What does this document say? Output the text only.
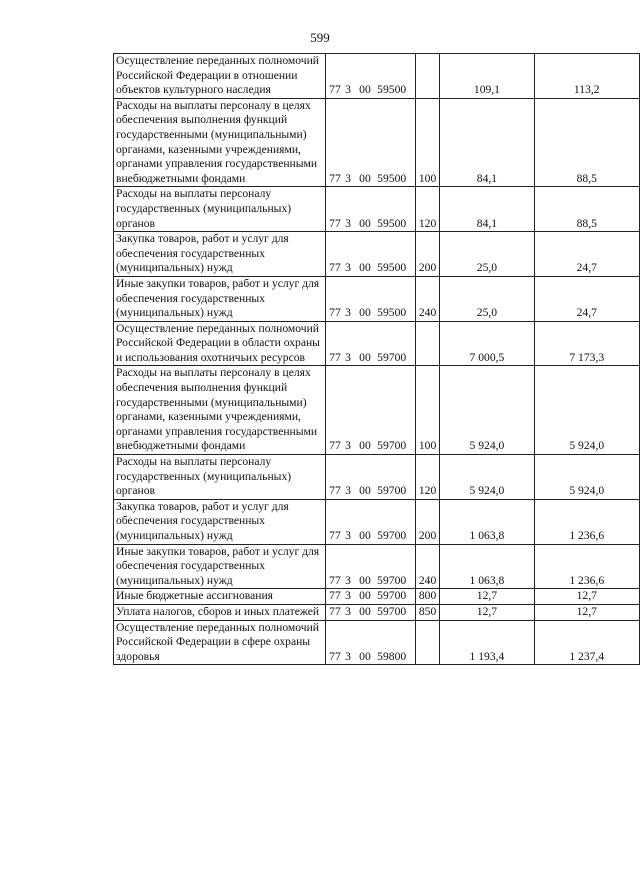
599
Осуществление переданных полномочий Российской Федерации в отношении объектов культурного наследия	77 3 00 59500		109,1	113,2
Расходы на выплаты персоналу в целях обеспечения выполнения функций государственными (муниципальными) органами, казенными учреждениями, органами управления государственными внебюджетными фондами	77 3 00 59500	100	84,1	88,5
Расходы на выплаты персоналу государственных (муниципальных) органов	77 3 00 59500	120	84,1	88,5
Закупка товаров, работ и услуг для обеспечения государственных (муниципальных) нужд	77 3 00 59500	200	25,0	24,7
Иные закупки товаров, работ и услуг для обеспечения государственных (муниципальных) нужд	77 3 00 59500	240	25,0	24,7
Осуществление переданных полномочий Российской Федерации в области охраны и использования охотничьих ресурсов	77 3 00 59700		7 000,5	7 173,3
Расходы на выплаты персоналу в целях обеспечения выполнения функций государственными (муниципальными) органами, казенными учреждениями, органами управления государственными внебюджетными фондами	77 3 00 59700	100	5 924,0	5 924,0
Расходы на выплаты персоналу государственных (муниципальных) органов	77 3 00 59700	120	5 924,0	5 924,0
Закупка товаров, работ и услуг для обеспечения государственных (муниципальных) нужд	77 3 00 59700	200	1 063,8	1 236,6
Иные закупки товаров, работ и услуг для обеспечения государственных (муниципальных) нужд	77 3 00 59700	240	1 063,8	1 236,6
Иные бюджетные ассигнования	77 3 00 59700	800	12,7	12,7
Уплата налогов, сборов и иных платежей	77 3 00 59700	850	12,7	12,7
Осуществление переданных полномочий Российской Федерации в сфере охраны здоровья	77 3 00 59800		1 193,4	1 237,4
